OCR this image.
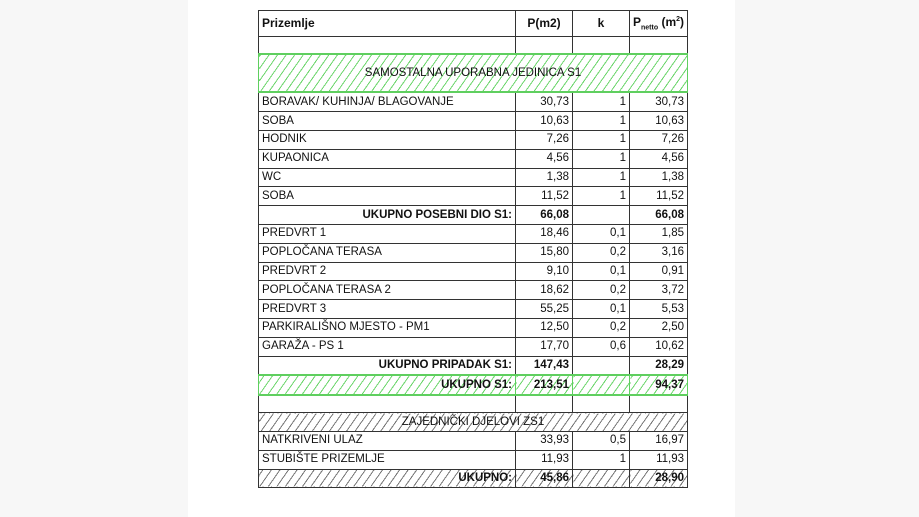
Prizemlje	P(m2)	k	$P_{netto}$ $(m^2)$

SAMOSTALNA UPORABNA JEDINICA S1			
BORAVAK/ KUHINJA/ BLAGOVANJE	30,73	1	30,73
SOBA	10,63	1	10,63
HODNIK	7,26	1	7,26
KUPAONICA	4,56	1	4,56
WC	1,38	1	1,38
SOBA	11,52	1	11,52
UKUPNO POSEBNI DIO S1:	66,08		66,08
PREDVRT 1	18,46	0,1	1,85
POPLOČANA TERASA	15,80	0,2	3,16
PREDVRT 2	9,10	0,1	0,91
POPLOČANA TERASA 2	18,62	0,2	3,72
PREDVRT 3	55,25	0,1	5,53
PARKIRALIŠNO MJESTO - PM1	12,50	0,2	2,50
GARAŽA - PS 1	17,70	0,6	10,62
UKUPNO PRIPADAK S1:	147,43		28,29
UKUPNO S1:	213,51		94,37

ZAJEDNIČKI DJELOVI ZS1			
NATKRIVENI ULAZ	33,93	0,5	16,97
STUBIŠTE PRIZEMLJE	11,93	1	11,93
UKUPNO:	45,86		28,90
